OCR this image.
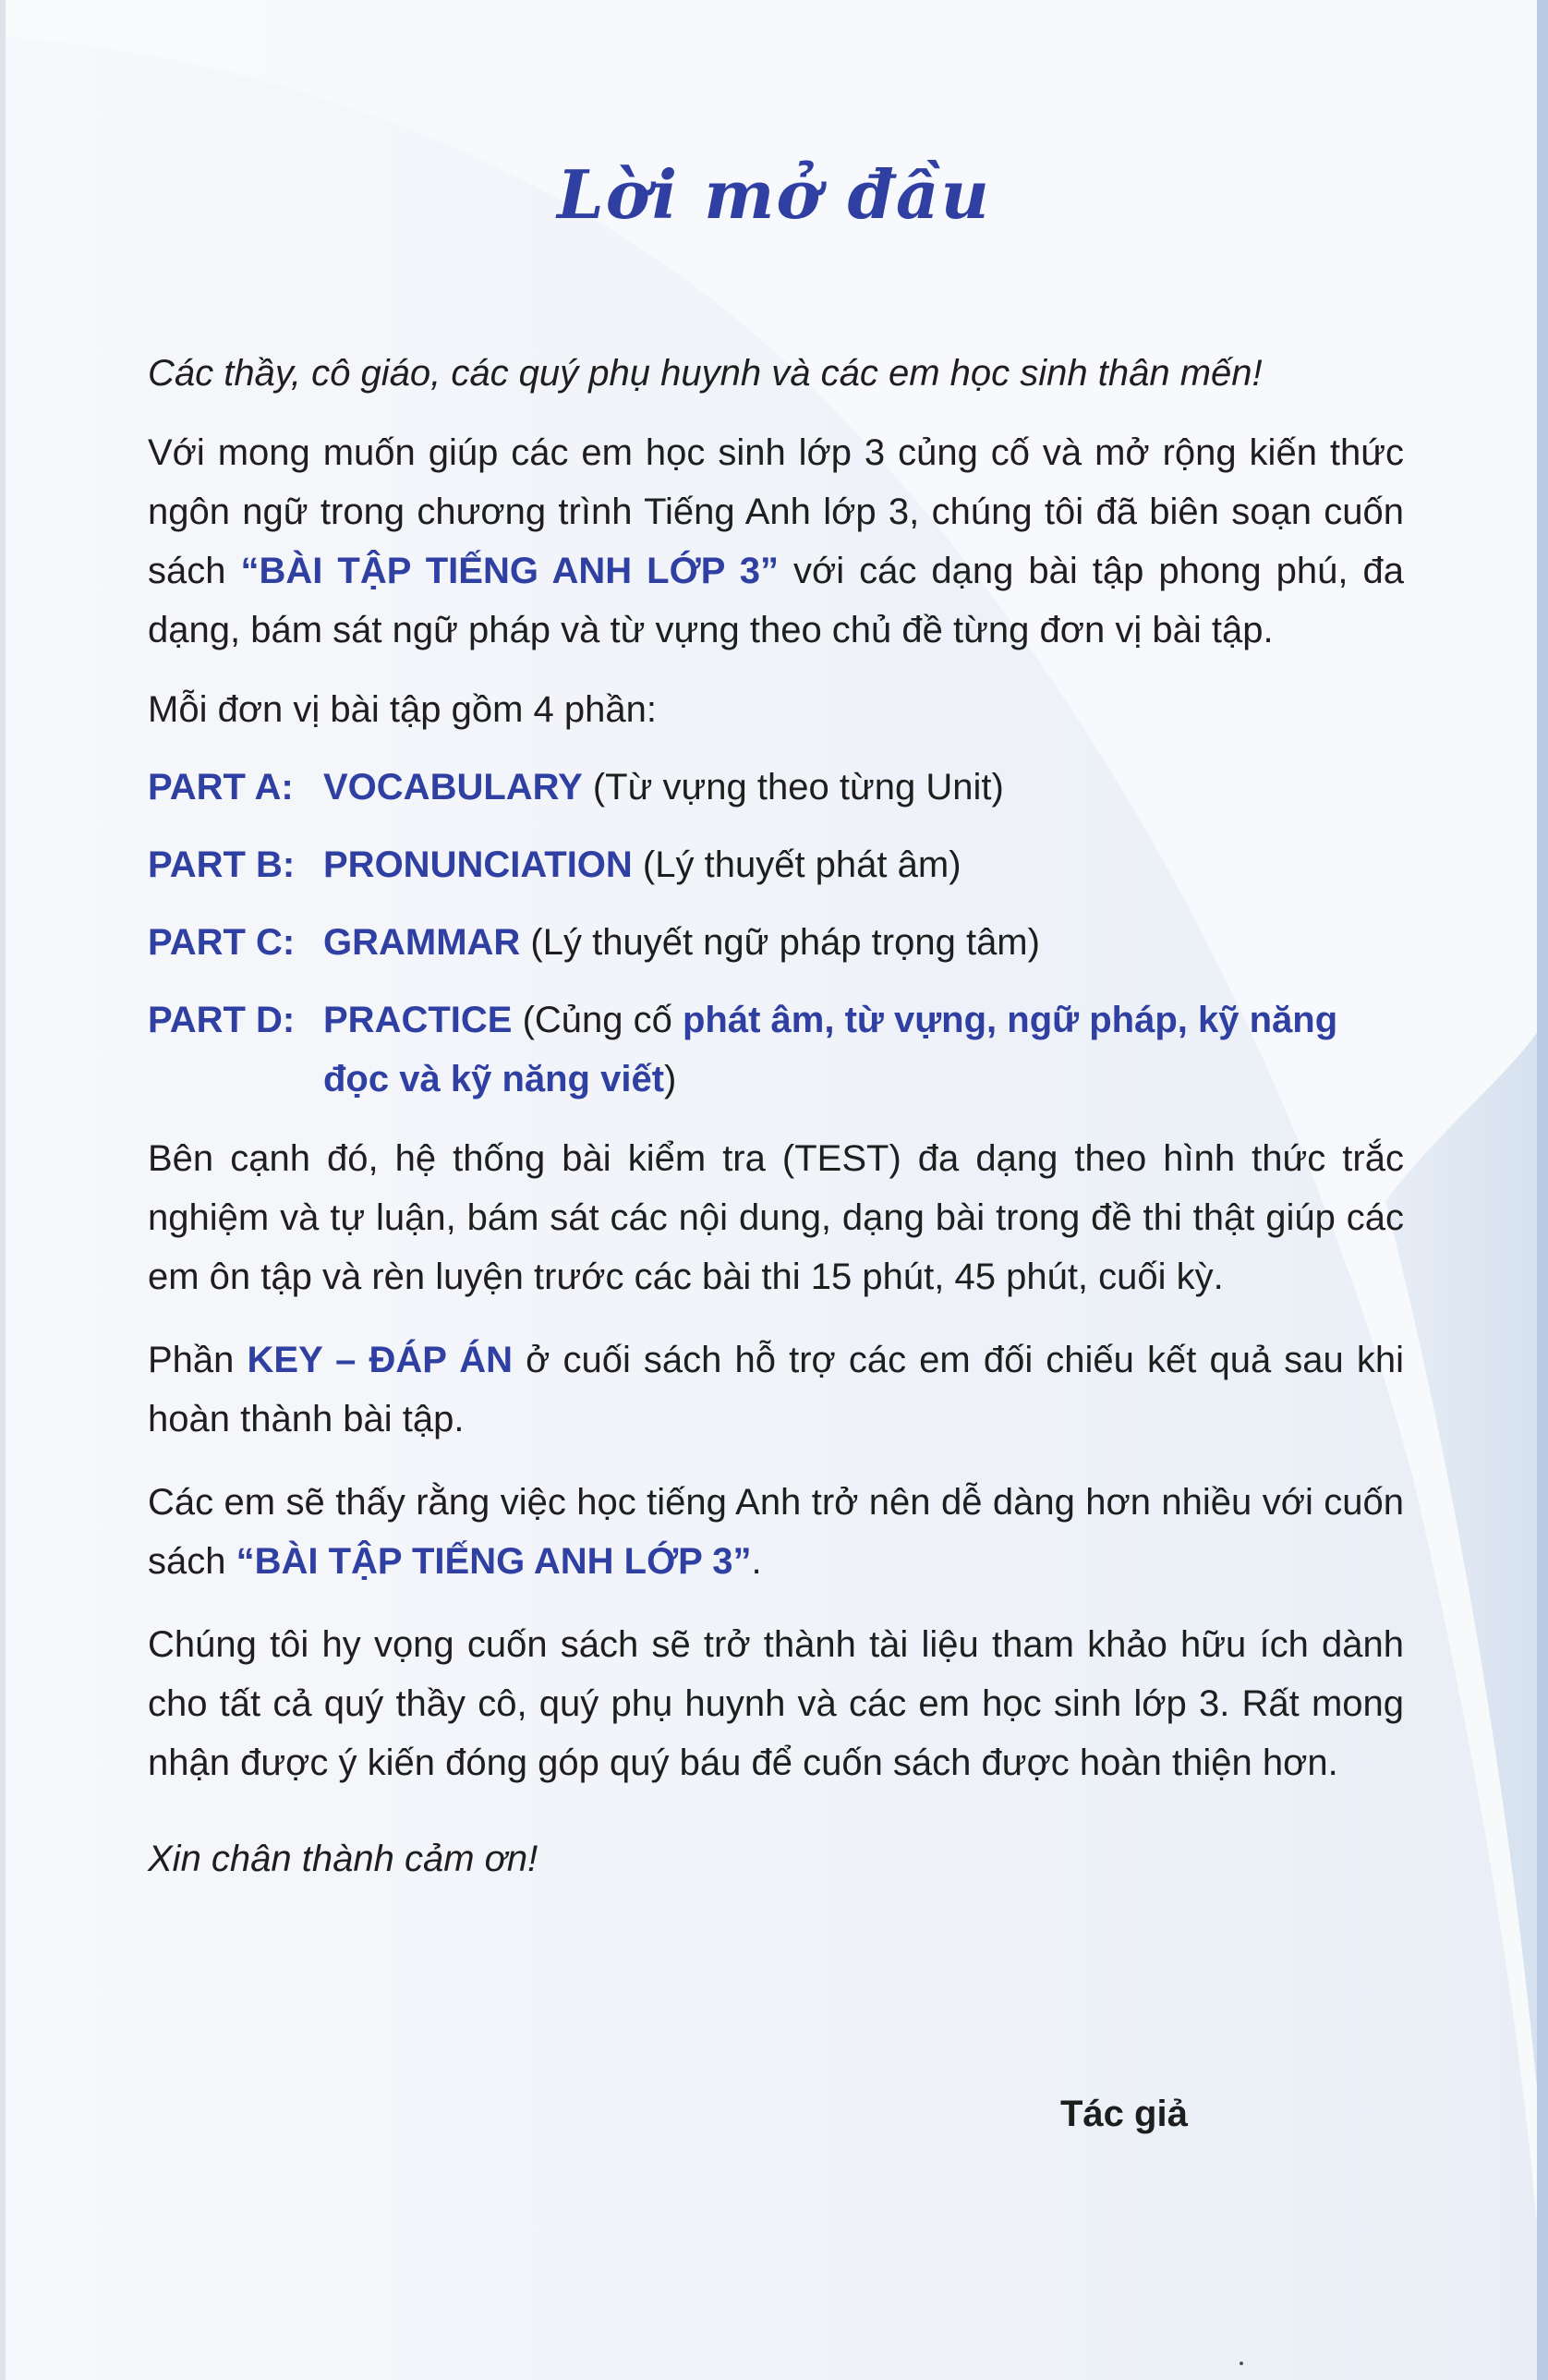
Lời mở đầu

Các thầy, cô giáo, các quý phụ huynh và các em học sinh thân mến!

Với mong muốn giúp các em học sinh lớp 3 củng cố và mở rộng kiến thức ngôn ngữ trong chương trình Tiếng Anh lớp 3, chúng tôi đã biên soạn cuốn sách “BÀI TẬP TIẾNG ANH LỚP 3” với các dạng bài tập phong phú, đa dạng, bám sát ngữ pháp và từ vựng theo chủ đề từng đơn vị bài tập.

Mỗi đơn vị bài tập gồm 4 phần:

PART A: VOCABULARY (Từ vựng theo từng Unit)
PART B: PRONUNCIATION (Lý thuyết phát âm)
PART C: GRAMMAR (Lý thuyết ngữ pháp trọng tâm)
PART D: PRACTICE (Củng cố phát âm, từ vựng, ngữ pháp, kỹ năng đọc và kỹ năng viết)

Bên cạnh đó, hệ thống bài kiểm tra (TEST) đa dạng theo hình thức trắc nghiệm và tự luận, bám sát các nội dung, dạng bài trong đề thi thật giúp các em ôn tập và rèn luyện trước các bài thi 15 phút, 45 phút, cuối kỳ.

Phần KEY – ĐÁP ÁN ở cuối sách hỗ trợ các em đối chiếu kết quả sau khi hoàn thành bài tập.

Các em sẽ thấy rằng việc học tiếng Anh trở nên dễ dàng hơn nhiều với cuốn sách “BÀI TẬP TIẾNG ANH LỚP 3”.

Chúng tôi hy vọng cuốn sách sẽ trở thành tài liệu tham khảo hữu ích dành cho tất cả quý thầy cô, quý phụ huynh và các em học sinh lớp 3. Rất mong nhận được ý kiến đóng góp quý báu để cuốn sách được hoàn thiện hơn.

Xin chân thành cảm ơn!

Tác giả
